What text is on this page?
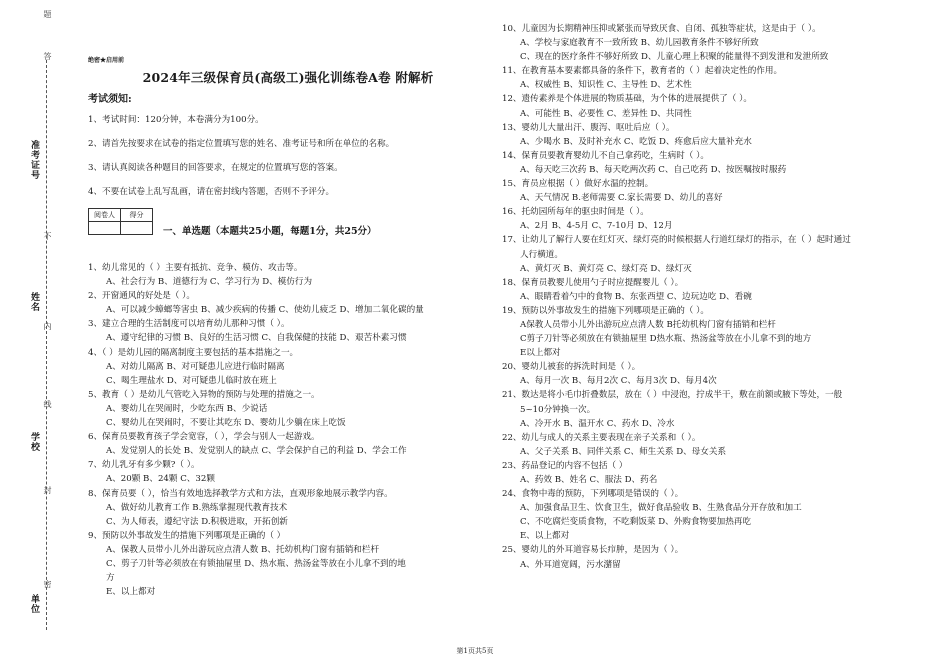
题
答
准考证号
不
姓名
内
线
学校
封
密
单位
绝密★启用前
2024年三级保育员(高级工)强化训练卷A卷 附解析
考试须知:
1、考试时间：120分钟，本卷满分为100分。
2、请首先按要求在试卷的指定位置填写您的姓名、准考证号和所在单位的名称。
3、请认真阅读各种题目的回答要求，在规定的位置填写您的答案。
4、不要在试卷上乱写乱画，请在密封线内答题，否则不予评分。
阅卷人	得分

一、单选题（本题共25小题，每题1分，共25分）
1、幼儿常见的（ ）主要有抵抗、竞争、模仿、攻击等。
A、社会行为 B、道德行为 C、学习行为 D、模仿行为
2、开窗通风的好处是（ ）。
A、可以减少蟑螂等害虫 B、减少疾病的传播 C、使幼儿疲乏 D、增加二氧化碳的量
3、建立合理的生活制度可以培育幼儿那种习惯（ ）。
A、遵守纪律的习惯 B、良好的生活习惯 C、自我保健的技能 D、艰苦朴素习惯
4、（ ）是幼儿园的隔离制度主要包括的基本措施之一。
A、对幼儿隔离 B、对可疑患儿应进行临时隔离
C、喝生理盐水 D、对可疑患儿临时放在班上
5、教育（ ）是幼儿气管吃入异物的预防与处理的措施之一。
A、婴幼儿在哭闹时，少吃东西 B、少说话
C、婴幼儿在哭闹时，不要让其吃东 D、婴幼儿少躺在床上吃饭
6、保育员要教育孩子学会宽容，（ ），学会与别人一起游戏。
A、发觉别人的长处 B、发觉别人的缺点 C、学会保护自己的利益 D、学会工作
7、幼儿乳牙有多少颗?（ ）。
A、20颗 B、24颗 C、32颗
8、保育员要（ ），恰当有效地选择教学方式和方法，直观形象地展示教学内容。
A、做好幼儿教育工作 B.熟练掌握现代教育技术
C、为人师表，遵纪守法 D.积极进取，开拓创新
9、预防以外事故发生的措施下列哪项是正确的（ ）
A、保教人员带小儿外出游玩应点清人数 B、托幼机构门窗有插销和栏杆
C、剪子刀针等必须放在有锁抽屉里 D、热水瓶、热汤盆等放在小儿拿不到的地
方
E、以上都对
10、儿童因为长期精神压抑或紧张而导致厌食、自闭、孤独等症状，这是由于（ ）。
A、学校与家庭教育不一致所致 B、幼儿园教育条件不够好所致
C、现在的医疗条件不够好所致 D、儿童心理上积聚的能量得不到发泄和发泄所致
11、在教育基本要素都具备的条件下，教育者的（ ）起着决定性的作用。
A、权威性 B、知识性 C、主导性 D、艺术性
12、遗传素养是个体进展的物质基础，为个体的进展提供了（ ）。
A、可能性 B、必要性 C、差异性 D、共同性
13、婴幼儿大量出汗、腹泻、呕吐后应（ ）。
A、少喝水 B、及时补充水 C、吃饭 D、疼愈后应大量补充水
14、保育员要教育婴幼儿不自己拿药吃，生病时（ ）。
A、每天吃三次药 B、每天吃两次药 C、自己吃药 D、按医嘱按时服药
15、育员应根据（ ）做好水温的控制。
A、天气情况 B.老师需要 C.家长需要 D、幼儿的喜好
16、托幼园所每年的驱虫时间是（ ）。
A、2月 B、4-5月 C、7-10月 D、12月
17、让幼儿了解行人要在红灯灭、绿灯亮的时候根据人行道红绿灯的指示，在（ ）起时通过
人行横道。
A、黄灯灭 B、黄灯亮 C、绿灯亮 D、绿灯灭
18、保育员教婴儿使用勺子时应提醒婴儿（ ）。
A、眼睛看着勺中的食物 B、东张西望 C、边玩边吃 D、看碗
19、预防以外事故发生的措施下列哪项是正确的（ ）。
A保教人员带小儿外出游玩应点清人数 B托幼机构门窗有插销和栏杆
C剪子刀针等必须放在有锁抽屉里 D热水瓶、热汤盆等放在小儿拿不到的地方
E以上都对
20、婴幼儿被套的拆洗时间是（ ）。
A、每月一次 B、每月2次 C、每月3次 D、每月4次
21、数达是将小毛巾折叠数层，放在（ ）中浸泡，拧成半干，敷在前额或腋下等处，一般
5~10分钟换一次。
A、冷开水 B、温开水 C、药水 D、冷水
22、幼儿与成人的关系主要表现在亲子关系和（ ）。
A、父子关系 B、同伴关系 C、师生关系 D、母女关系
23、药品登记的内容不包括（ ）
A、药效 B、姓名 C、服法 D、药名
24、食物中毒的预防，下列哪项是错误的（ ）。
A、加强食品卫生、饮食卫生，做好食品验收 B、生熟食品分开存放和加工
C、不吃腐烂变质食物，不吃剩饭菜 D、外购食物要加热再吃
E、以上都对
25、婴幼儿的外耳道容易长疖肿，是因为（ ）。
A、外耳道宽阔，污水潴留
第1页共5页
